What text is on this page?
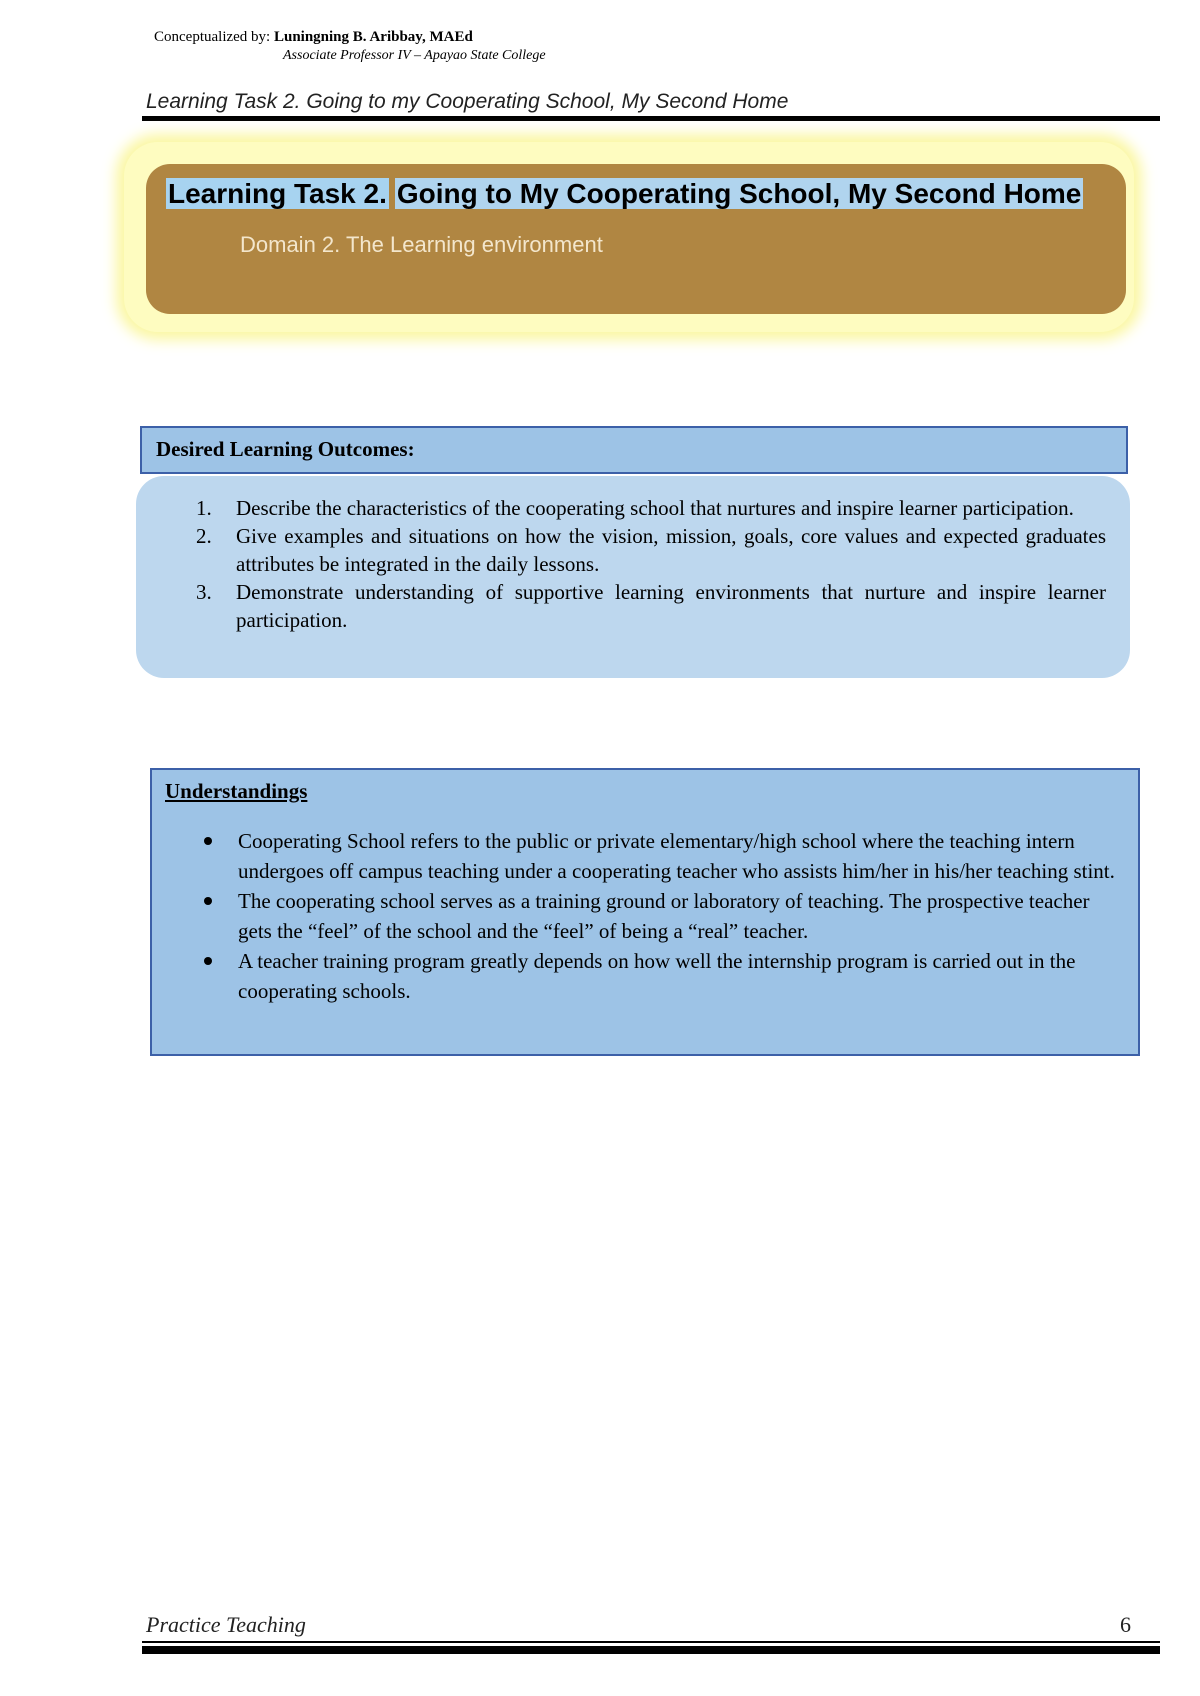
Conceptualized by: Luningning B. Aribbay, MAEd
Associate Professor IV – Apayao State College
Learning Task 2. Going to my Cooperating School, My Second Home
Learning Task 2. Going to My Cooperating School, My Second Home
Domain 2. The Learning environment
Desired Learning Outcomes:
1. Describe the characteristics of the cooperating school that nurtures and inspire learner participation.
2. Give examples and situations on how the vision, mission, goals, core values and expected graduates attributes be integrated in the daily lessons.
3. Demonstrate understanding of supportive learning environments that nurture and inspire learner participation.
Understandings
Cooperating School refers to the public or private elementary/high school where the teaching intern undergoes off campus teaching under a cooperating teacher who assists him/her in his/her teaching stint.
The cooperating school serves as a training ground or laboratory of teaching. The prospective teacher gets the “feel” of the school and the “feel” of being a “real” teacher.
A teacher training program greatly depends on how well the internship program is carried out in the cooperating schools.
Practice Teaching	6
